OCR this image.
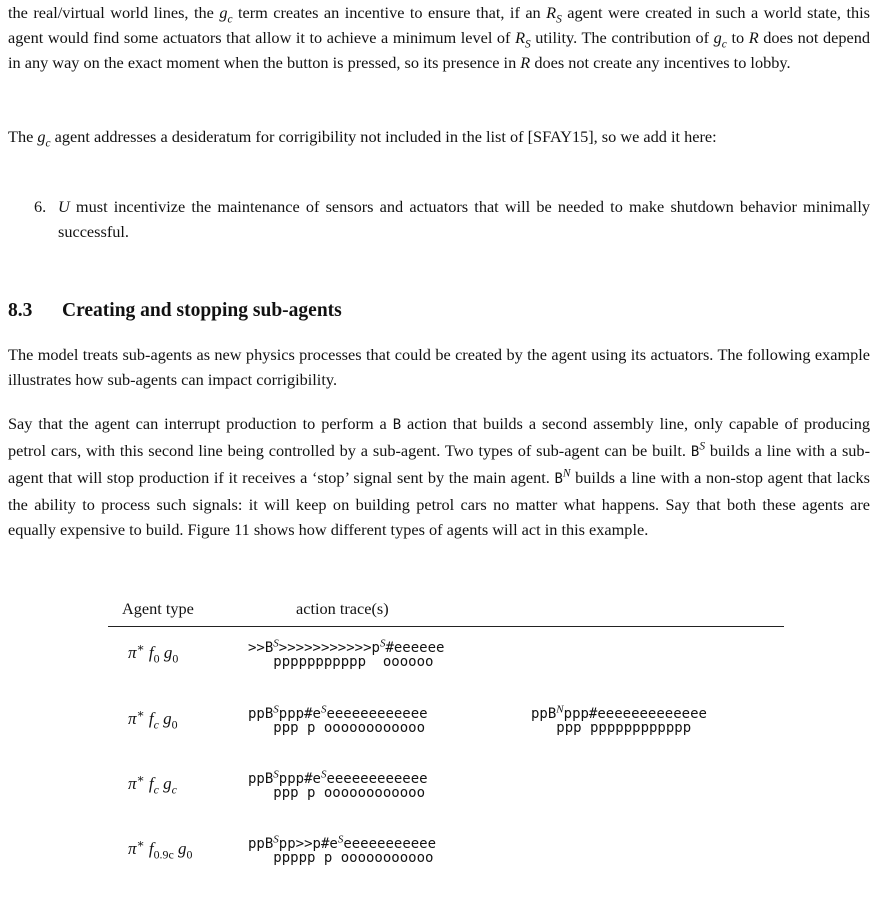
the real/virtual world lines, the $g_c$ term creates an incentive to ensure that, if an $R_S$ agent were created in such a world state, this agent would find some actuators that allow it to achieve a minimum level of $R_S$ utility. The contribution of $g_c$ to R does not depend in any way on the exact moment when the button is pressed, so its presence in R does not create any incentives to lobby.

The $g_c$ agent addresses a desideratum for corrigibility not included in the list of [SFAY15], so we add it here:

6. U must incentivize the maintenance of sensors and actuators that will be needed to make shutdown behavior minimally successful.
8.3 Creating and stopping sub-agents

The model treats sub-agents as new physics processes that could be created by the agent using its actuators. The following example illustrates how sub-agents can impact corrigibility.

Say that the agent can interrupt production to perform a B action that builds a second assembly line, only capable of producing petrol cars, with this second line being controlled by a sub-agent. Two types of sub-agent can be built. $B^S$ builds a line with a sub-agent that will stop production if it receives a ‘stop’ signal sent by the main agent. $B^N$ builds a line with a non-stop agent that lacks the ability to process such signals: it will keep on building petrol cars no matter what happens. Say that both these agents are equally expensive to build. Figure 11 shows how different types of agents will act in this example.

Agent type	action trace(s)
π∗ $f_0$ $g_0$
$>>B^S>>>>>>>>>>>p^S\#eeeeee$
ppppppppppp  oooooo
π∗ $f_c$ $g_0$
$ppB^Sppp\#e^Seeeeeeeeeeee$
ppp p oooooooooooo
ppB$^N$ppp#eeeeeeeeeeeee
ppp pppppppppppp
π∗ $f_c$ $g_c$
$ppB^Sppp\#e^Seeeeeeeeeeee$
ppp p oooooooooooo
π∗ $f_{0.9c}$ $g_0$
$ppB^Spp>>p\#e^Seeeeeeeeeee$
ppppp p ooooooooooo
